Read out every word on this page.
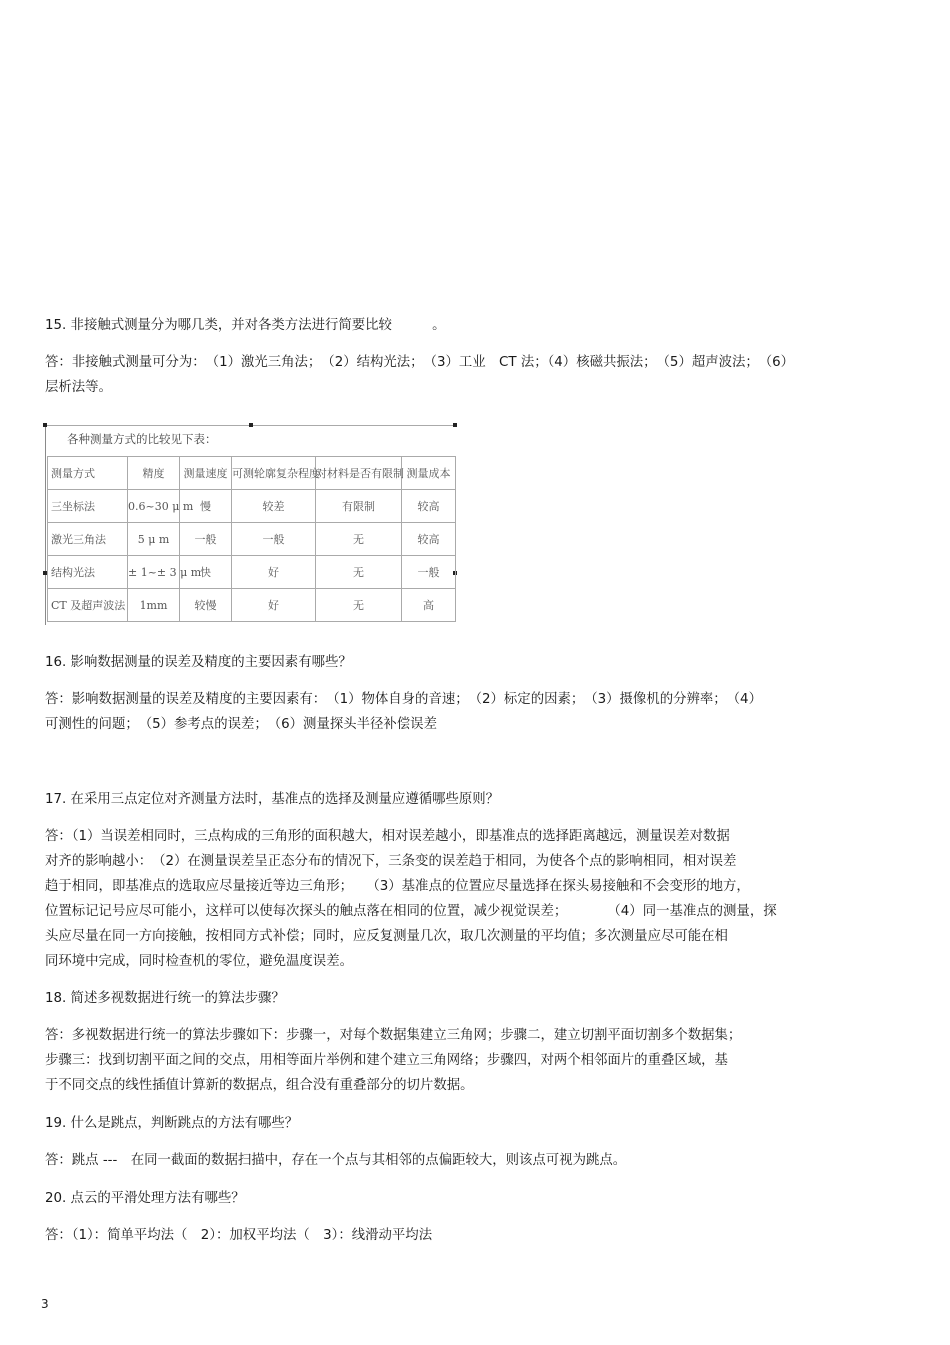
15. 非接触式测量分为哪几类，并对各类方法进行简要比较　　　。
答：非接触式测量可分为：　（1）激光三角法；　（2）结构光法；　（3）工业　CT 法；（4）核磁共振法；　（5）超声波法；　（6）
层析法等。
各种测量方式的比较见下表：
测量方式	精度	测量速度	可测轮廓复杂程度	对材料是否有限制	测量成本
三坐标法	0.6~30 μ m	慢	较差	有限制	较高
激光三角法	5 μ m	一般	一般	无	较高
结构光法	± 1~± 3 μ m	快	好	无	一般
CT 及超声波法	1mm	较慢	好	无	高
16. 影响数据测量的误差及精度的主要因素有哪些？
答：影响数据测量的误差及精度的主要因素有：　（1）物体自身的音速；　（2）标定的因素；　（3）摄像机的分辨率；　（4）
可测性的问题；　（5）参考点的误差；　（6）测量探头半径补偿误差
17. 在采用三点定位对齐测量方法时，基准点的选择及测量应遵循哪些原则？
答：（1）当误差相同时，三点构成的三角形的面积越大，相对误差越小，即基准点的选择距离越远，测量误差对数据
对齐的影响越小：　（2）在测量误差呈正态分布的情况下，三条变的误差趋于相同，为使各个点的影响相同，相对误差
趋于相同，即基准点的选取应尽量接近等边三角形；　　（3）基准点的位置应尽量选择在探头易接触和不会变形的地方，
位置标记记号应尽可能小，这样可以使每次探头的触点落在相同的位置，减少视觉误差；　　　　（4）同一基准点的测量，探
头应尽量在同一方向接触，按相同方式补偿；同时，应反复测量几次，取几次测量的平均值；多次测量应尽可能在相
同环境中完成，同时检查机的零位，避免温度误差。
18. 简述多视数据进行统一的算法步骤？
答：多视数据进行统一的算法步骤如下：步骤一，对每个数据集建立三角网；步骤二，建立切割平面切割多个数据集；
步骤三：找到切割平面之间的交点，用相等面片举例和建个建立三角网络；步骤四，对两个相邻面片的重叠区域，基
于不同交点的线性插值计算新的数据点，组合没有重叠部分的切片数据。
19. 什么是跳点，判断跳点的方法有哪些？
答：跳点 ---　在同一截面的数据扫描中，存在一个点与其相邻的点偏距较大，则该点可视为跳点。
20. 点云的平滑处理方法有哪些？
答：（1）：简单平均法（　2）：加权平均法（　3）：线滑动平均法
3
